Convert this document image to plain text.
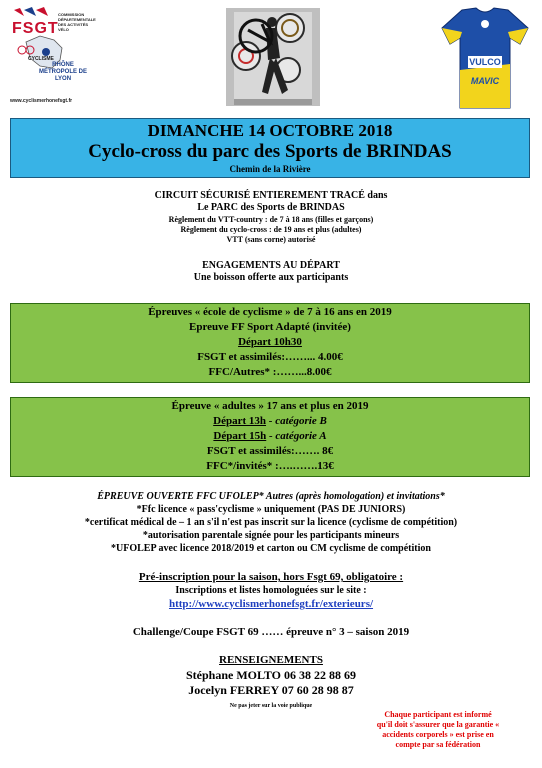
FSGT
COMMISSION DÉPARTEMENTALE DES ACTIVITÉS VÉLO
CYCLISME
RHÔNE MÉTROPOLE DE LYON
www.cyclismerhonefsgt.fr
VULCO
MAVIC
DIMANCHE 14 OCTOBRE 2018
Cyclo-cross du parc des Sports de BRINDAS
Chemin de la Rivière
CIRCUIT SÉCURISÉ ENTIEREMENT TRACÉ dans
Le PARC des Sports de BRINDAS
Règlement du VTT-country : de 7 à 18 ans (filles et garçons)
Règlement du cyclo-cross : de 19 ans et plus (adultes)
VTT (sans corne) autorisé
ENGAGEMENTS AU DÉPART
Une boisson offerte aux participants
Épreuves « école de cyclisme » de 7 à 16 ans en 2019
Epreuve FF Sport Adapté (invitée)
Départ 10h30
FSGT et assimilés:……... 4.00€
FFC/Autres* :……...8.00€
Épreuve « adultes » 17 ans et plus en 2019
Départ 13h - catégorie B
Départ 15h - catégorie A
FSGT et assimilés:……. 8€
FFC*/invités* :….…….13€
ÉPREUVE OUVERTE FFC UFOLEP* Autres (après homologation) et invitations*
*Ffc licence « pass'cyclisme » uniquement (PAS DE JUNIORS)
*certificat médical de – 1 an s'il n'est pas inscrit sur la licence (cyclisme de compétition)
*autorisation parentale signée pour les participants mineurs
*UFOLEP avec licence 2018/2019 et carton ou CM cyclisme de compétition
Pré-inscription pour la saison, hors Fsgt 69, obligatoire :
Inscriptions et listes homologuées sur le site :
http://www.cyclismerhonefsgt.fr/exterieurs/
Challenge/Coupe FSGT 69 …… épreuve n° 3 – saison 2019
RENSEIGNEMENTS
Stéphane MOLTO 06 38 22 88 69
Jocelyn FERREY 07 60 28 98 87
Ne pas jeter sur la voie publique
Chaque participant est informé qu'il doit s'assurer que la garantie « accidents corporels » est prise en compte par sa fédération
